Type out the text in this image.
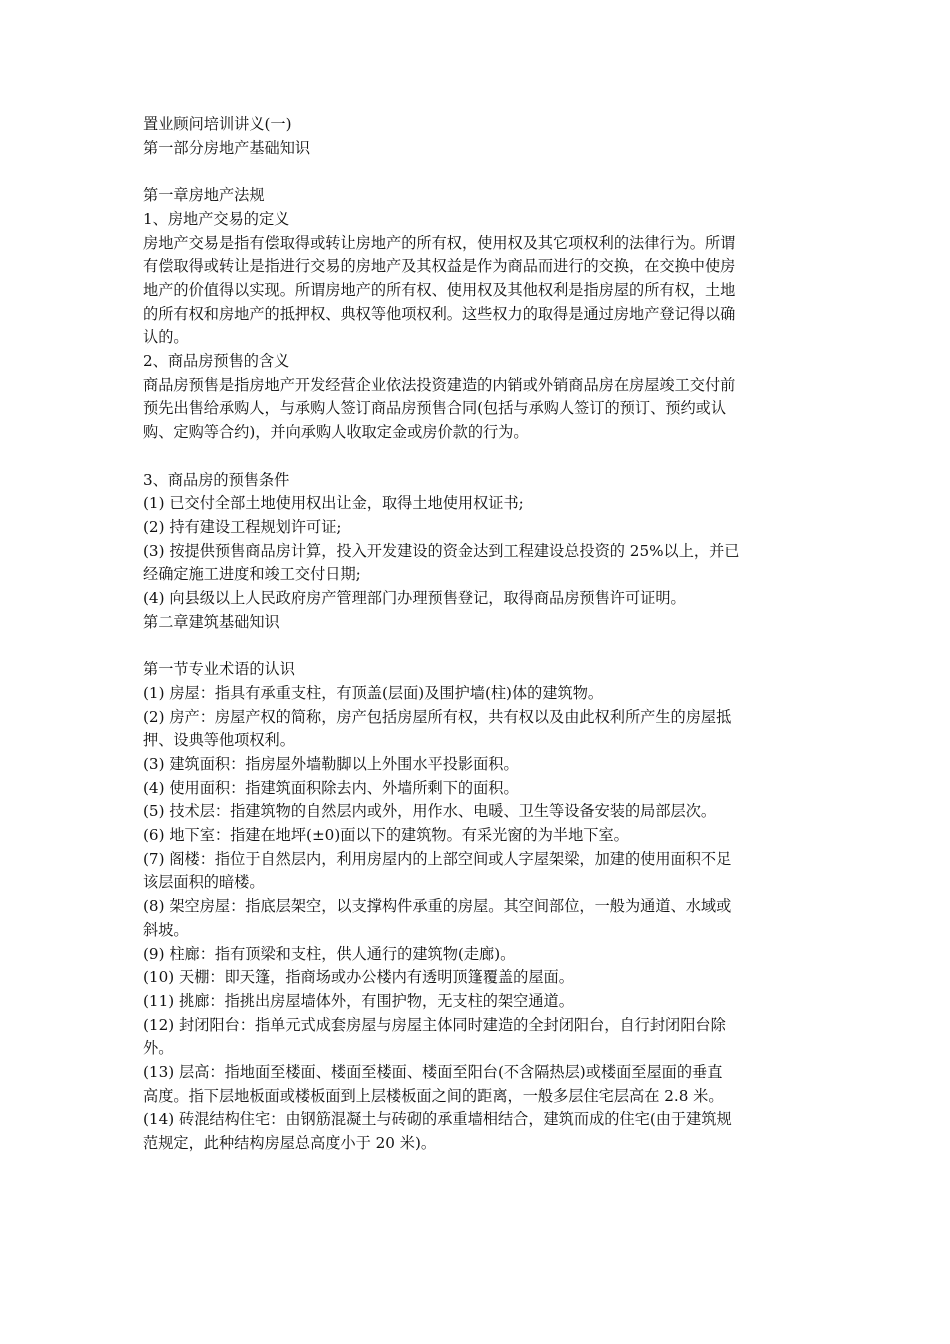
置业顾问培训讲义(一)
第一部分房地产基础知识
第一章房地产法规
1、房地产交易的定义
房地产交易是指有偿取得或转让房地产的所有权，使用权及其它项权利的法律行为。所谓
有偿取得或转让是指进行交易的房地产及其权益是作为商品而进行的交换，在交换中使房
地产的价值得以实现。所谓房地产的所有权、使用权及其他权利是指房屋的所有权，土地
的所有权和房地产的抵押权、典权等他项权利。这些权力的取得是通过房地产登记得以确
认的。
2、商品房预售的含义
商品房预售是指房地产开发经营企业依法投资建造的内销或外销商品房在房屋竣工交付前
预先出售给承购人，与承购人签订商品房预售合同(包括与承购人签订的预订、预约或认
购、定购等合约)，并向承购人收取定金或房价款的行为。
3、商品房的预售条件
(1) 已交付全部土地使用权出让金，取得土地使用权证书;
(2) 持有建设工程规划许可证;
(3) 按提供预售商品房计算，投入开发建设的资金达到工程建设总投资的 25%以上，并已
经确定施工进度和竣工交付日期;
(4) 向县级以上人民政府房产管理部门办理预售登记，取得商品房预售许可证明。
第二章建筑基础知识
第一节专业术语的认识
(1) 房屋：指具有承重支柱，有顶盖(层面)及围护墙(柱)体的建筑物。
(2) 房产：房屋产权的简称，房产包括房屋所有权，共有权以及由此权利所产生的房屋抵
押、设典等他项权利。
(3) 建筑面积：指房屋外墙勒脚以上外围水平投影面积。
(4) 使用面积：指建筑面积除去内、外墙所剩下的面积。
(5) 技术层：指建筑物的自然层内或外，用作水、电暖、卫生等设备安装的局部层次。
(6) 地下室：指建在地坪(±0)面以下的建筑物。有采光窗的为半地下室。
(7) 阁楼：指位于自然层内，利用房屋内的上部空间或人字屋架梁，加建的使用面积不足
该层面积的暗楼。
(8) 架空房屋：指底层架空，以支撑构件承重的房屋。其空间部位，一般为通道、水域或
斜坡。
(9) 柱廊：指有顶梁和支柱，供人通行的建筑物(走廊)。
(10) 天棚：即天篷，指商场或办公楼内有透明顶篷覆盖的屋面。
(11) 挑廊：指挑出房屋墙体外，有围护物，无支柱的架空通道。
(12) 封闭阳台：指单元式成套房屋与房屋主体同时建造的全封闭阳台，自行封闭阳台除
外。
(13) 层高：指地面至楼面、楼面至楼面、楼面至阳台(不含隔热层)或楼面至屋面的垂直
高度。指下层地板面或楼板面到上层楼板面之间的距离，一般多层住宅层高在 2.8 米。
(14) 砖混结构住宅：由钢筋混凝土与砖砌的承重墙相结合，建筑而成的住宅(由于建筑规
范规定，此种结构房屋总高度小于 20 米)。
